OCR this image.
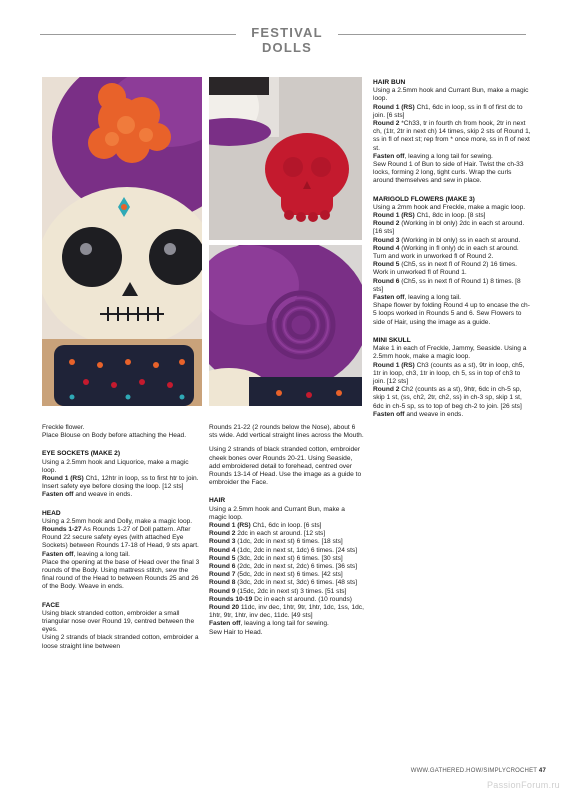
FESTIVAL DOLLS

Freckle flower.

Place Blouse on Body before attaching the Head.

EYE SOCKETS (MAKE 2)

Using a 2.5mm hook and Liquorice, make a magic loop.

Round 1 (RS) Ch1, 12htr in loop, ss to first htr to join. Insert safety eye before closing the loop. [12 sts]

Fasten off and weave in ends.

HEAD

Using a 2.5mm hook and Dolly, make a magic loop.

Rounds 1-27 As Rounds 1-27 of Doll pattern. After Round 22 secure safety eyes (with attached Eye Sockets) between Rounds 17-18 of Head, 9 sts apart.

Fasten off, leaving a long tail.

Place the opening at the base of Head over the final 3 rounds of the Body. Using mattress stitch, sew the final round of the Head to between Rounds 25 and 26 of the Body. Weave in ends.

FACE

Using black stranded cotton, embroider a small triangular nose over Round 19, centred between the eyes.

Using 2 strands of black stranded cotton, embroider a loose straight line between

Rounds 21-22 (2 rounds below the Nose), about 6 sts wide. Add vertical straight lines across the Mouth.

Using 2 strands of black stranded cotton, embroider cheek bones over Rounds 20-21. Using Seaside, add embroidered detail to forehead, centred over Rounds 13-14 of Head. Use the image as a guide to embroider the Face.

HAIR

Using a 2.5mm hook and Currant Bun, make a magic loop.

Round 1 (RS) Ch1, 6dc in loop. [6 sts]

Round 2 2dc in each st around. [12 sts]

Round 3 (1dc, 2dc in next st) 6 times. [18 sts]

Round 4 (1dc, 2dc in next st, 1dc) 6 times. [24 sts]

Round 5 (3dc, 2dc in next st) 6 times. [30 sts]

Round 6 (2dc, 2dc in next st, 2dc) 6 times. [36 sts]

Round 7 (5dc, 2dc in next st) 6 times. [42 sts]

Round 8 (3dc, 2dc in next st, 3dc) 6 times. [48 sts]

Round 9 (15dc, 2dc in next st) 3 times. [51 sts]

Rounds 10-19 Dc in each st around. (10 rounds)

Round 20 11dc, inv dec, 1htr, 9tr, 1htr, 1dc, 1ss, 1dc, 1htr, 9tr, 1htr, inv dec, 11dc. [49 sts]

Fasten off, leaving a long tail for sewing.

Sew Hair to Head.

HAIR BUN

Using a 2.5mm hook and Currant Bun, make a magic loop.

Round 1 (RS) Ch1, 6dc in loop, ss in fl of first dc to join. [6 sts]

Round 2 *Ch33, tr in fourth ch from hook, 2tr in next ch, (1tr, 2tr in next ch) 14 times, skip 2 sts of Round 1, ss in fl of next st; rep from * once more, ss in fl of next st.

Fasten off, leaving a long tail for sewing.

Sew Round 1 of Bun to side of Hair. Twist the ch-33 locks, forming 2 long, tight curls. Wrap the curls around themselves and sew in place.

MARIGOLD FLOWERS (MAKE 3)

Using a 2mm hook and Freckle, make a magic loop.

Round 1 (RS) Ch1, 8dc in loop. [8 sts]

Round 2 (Working in bl only) 2dc in each st around. [16 sts]

Round 3 (Working in bl only) ss in each st around.

Round 4 (Working in fl only) dc in each st around.

Turn and work in unworked fl of Round 2.

Round 5 (Ch5, ss in next fl of Round 2) 16 times.

Work in unworked fl of Round 1.

Round 6 (Ch5, ss in next fl of Round 1) 8 times. [8 sts]

Fasten off, leaving a long tail.

Shape flower by folding Round 4 up to encase the ch-5 loops worked in Rounds 5 and 6. Sew Flowers to side of Hair, using the image as a guide.

MINI SKULL

Make 1 in each of Freckle, Jammy, Seaside. Using a 2.5mm hook, make a magic loop.

Round 1 (RS) Ch3 (counts as a st), 9tr in loop, ch5, 1tr in loop, ch3, 1tr in loop, ch 5, ss in top of ch3 to join. [12 sts]

Round 2 Ch2 (counts as a st), 9htr, 6dc in ch-5 sp, skip 1 st, (ss, ch2, 2tr, ch2, ss) in ch-3 sp, skip 1 st, 6dc in ch-5 sp, ss to top of beg ch-2 to join. [26 sts]

Fasten off and weave in ends.

WWW.GATHERED.HOW/SIMPLYCROCHET 47
PassionForum.ru
